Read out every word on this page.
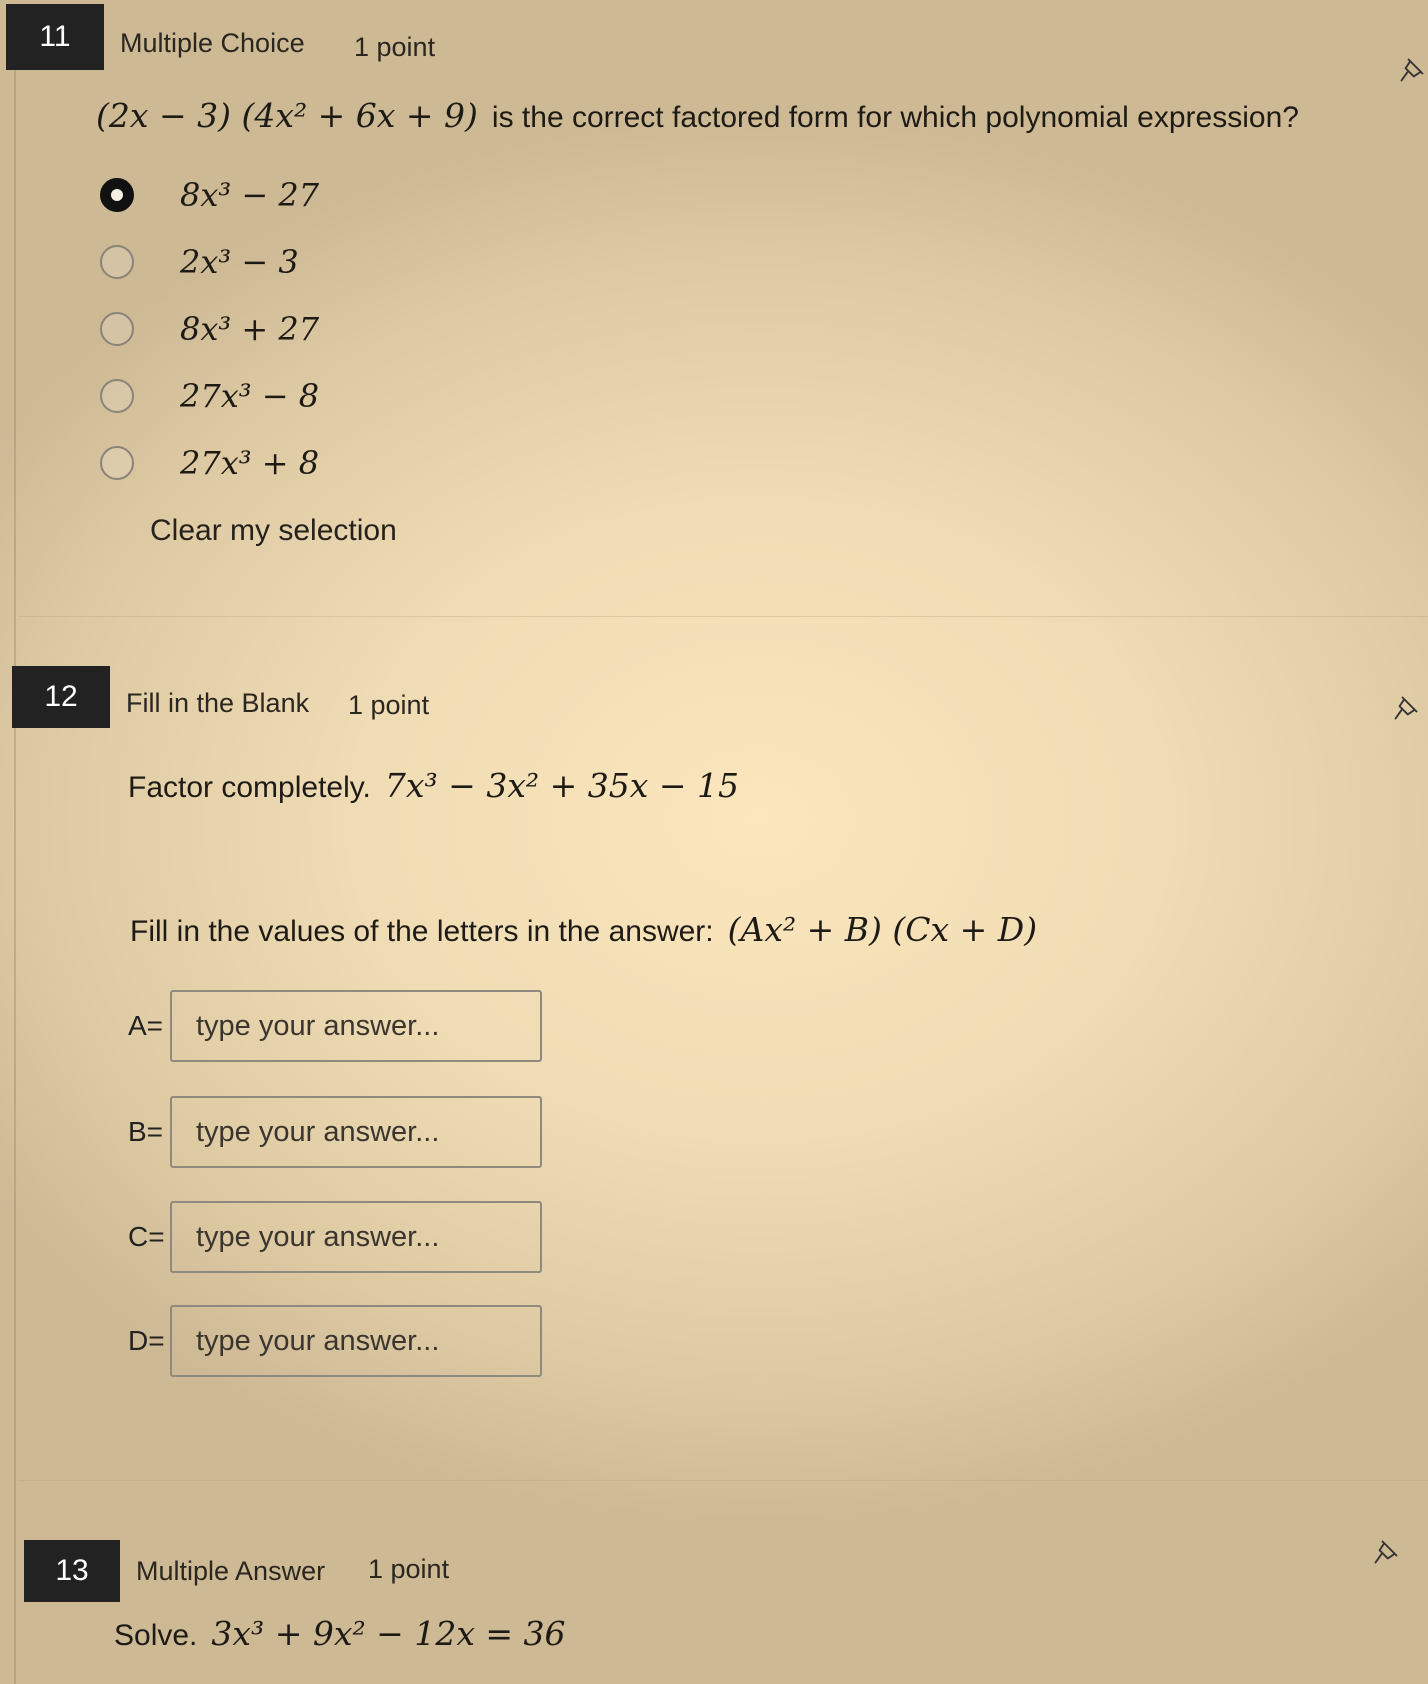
11	Multiple Choice 1 point
(2x − 3) (4x² + 6x + 9) is the correct factored form for which polynomial expression?
8x³ − 27
2x³ − 3
8x³ + 27
27x³ − 8
27x³ + 8
Clear my selection
12	Fill in the Blank 1 point
Factor completely. 7x³ − 3x² + 35x − 15
Fill in the values of the letters in the answer: (Ax² + B) (Cx + D)
A=
type your answer...
B=
type your answer...
C=
type your answer...
D=
type your answer...
13	Multiple Answer 1 point
Solve. 3x³ + 9x² − 12x = 36
